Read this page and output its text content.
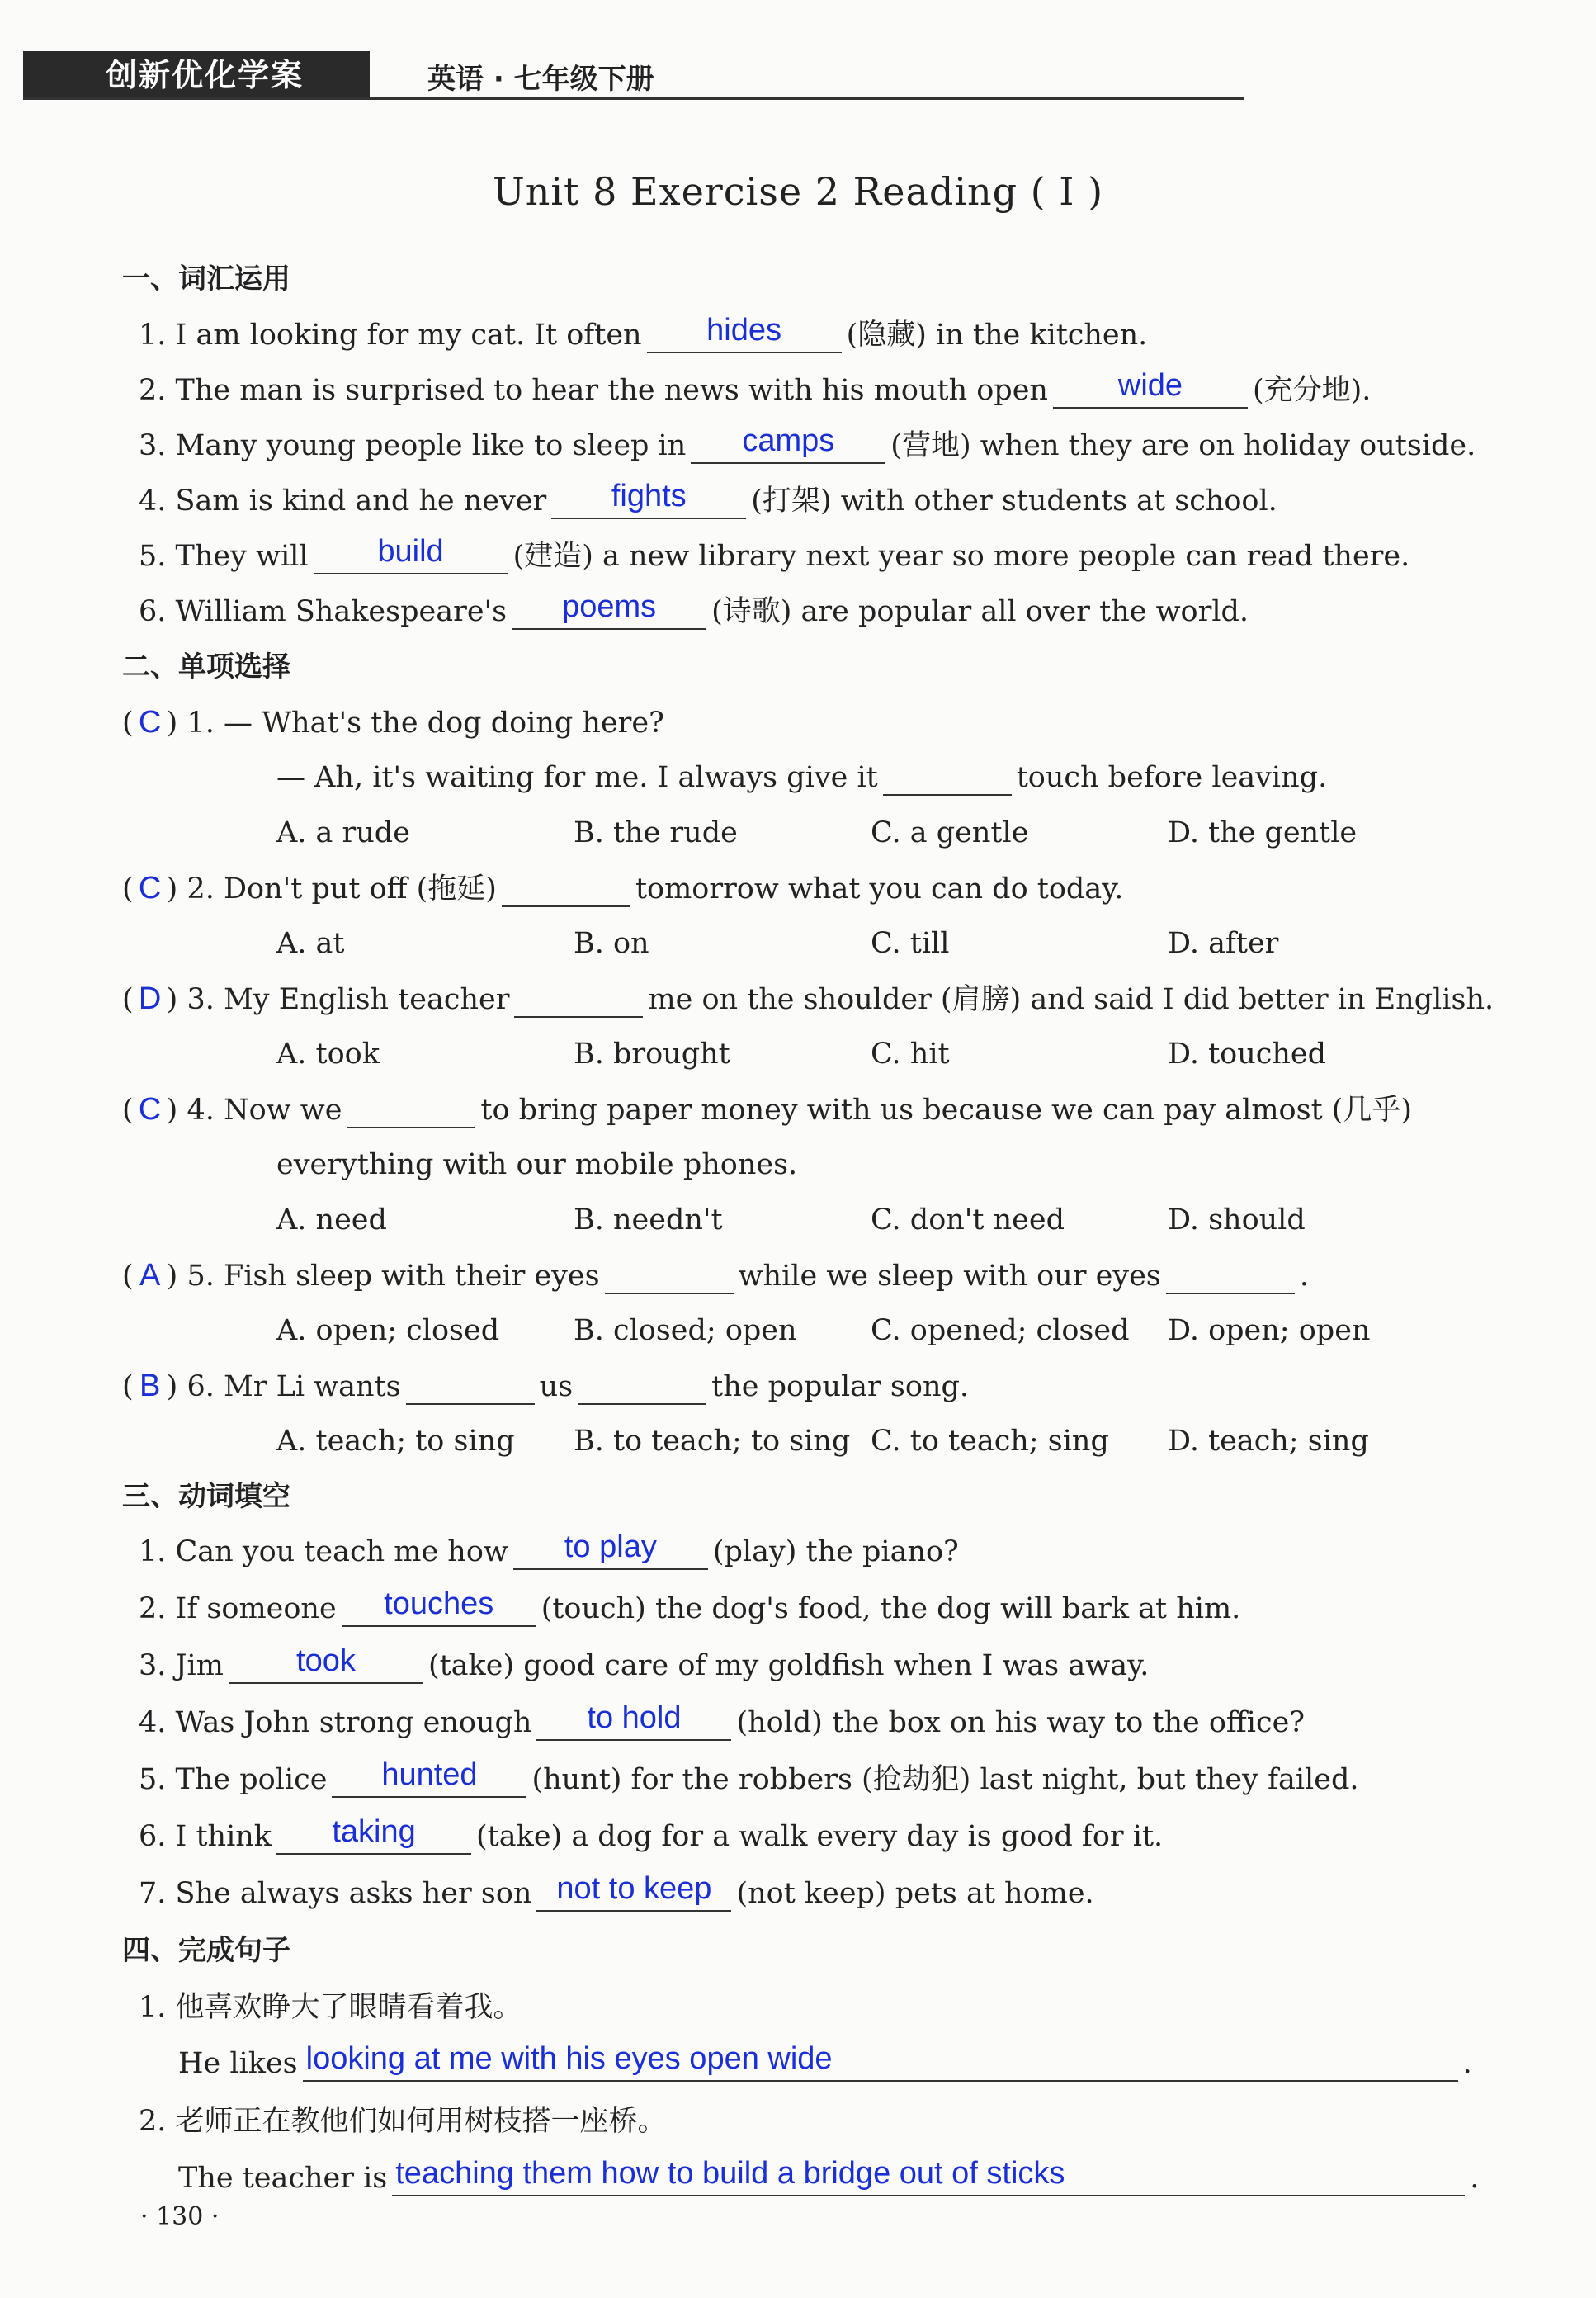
创新优化学案	英语 · 七年级下册
Unit 8 Exercise 2 Reading ( Ⅰ )
一、词汇运用
1. I am looking for my cat. It often	hides	(隐藏) in the kitchen.
2. The man is surprised to hear the news with his mouth open	wide	(充分地).
3. Many young people like to sleep in	camps	(营地) when they are on holiday outside.
4. Sam is kind and he never	fights	(打架) with other students at school.
5. They will	build	(建造) a new library next year so more people can read there.
6. William Shakespeare's	poems	(诗歌) are popular all over the world.
二、单项选择
( C ) 1. — What's the dog doing here?
— Ah, it's waiting for me. I always give it	touch before leaving.
A. a rude	B. the rude	C. a gentle	D. the gentle
( C ) 2. Don't put off (拖延)	tomorrow what you can do today.
A. at	B. on	C. till	D. after
( D ) 3. My English teacher	me on the shoulder (肩膀) and said I did better in English.
A. took	B. brought	C. hit	D. touched
( C ) 4. Now we	to bring paper money with us because we can pay almost (几乎)
everything with our mobile phones.
A. need	B. needn't	C. don't need	D. should
( A ) 5. Fish sleep with their eyes	while we sleep with our eyes	.
A. open; closed	B. closed; open	C. opened; closed D. open; open
( B ) 6. Mr Li wants	us	the popular song.
A. teach; to sing B. to teach; to sing C. to teach; sing D. teach; sing
三、动词填空
1. Can you teach me how	to play	(play) the piano?
2. If someone	touches	(touch) the dog's food, the dog will bark at him.
3. Jim	took	(take) good care of my goldfish when I was away.
4. Was John strong enough	to hold	(hold) the box on his way to the office?
5. The police	hunted	(hunt) for the robbers (抢劫犯) last night, but they failed.
6. I think	taking	(take) a dog for a walk every day is good for it.
7. She always asks her son not to keep (not keep) pets at home.
四、完成句子
1. 他喜欢睁大了眼睛看着我。
He likes looking at me with his eyes open wide	.
2. 老师正在教他们如何用树枝搭一座桥。
The teacher is teaching them how to build a bridge out of sticks	.
· 130 ·
